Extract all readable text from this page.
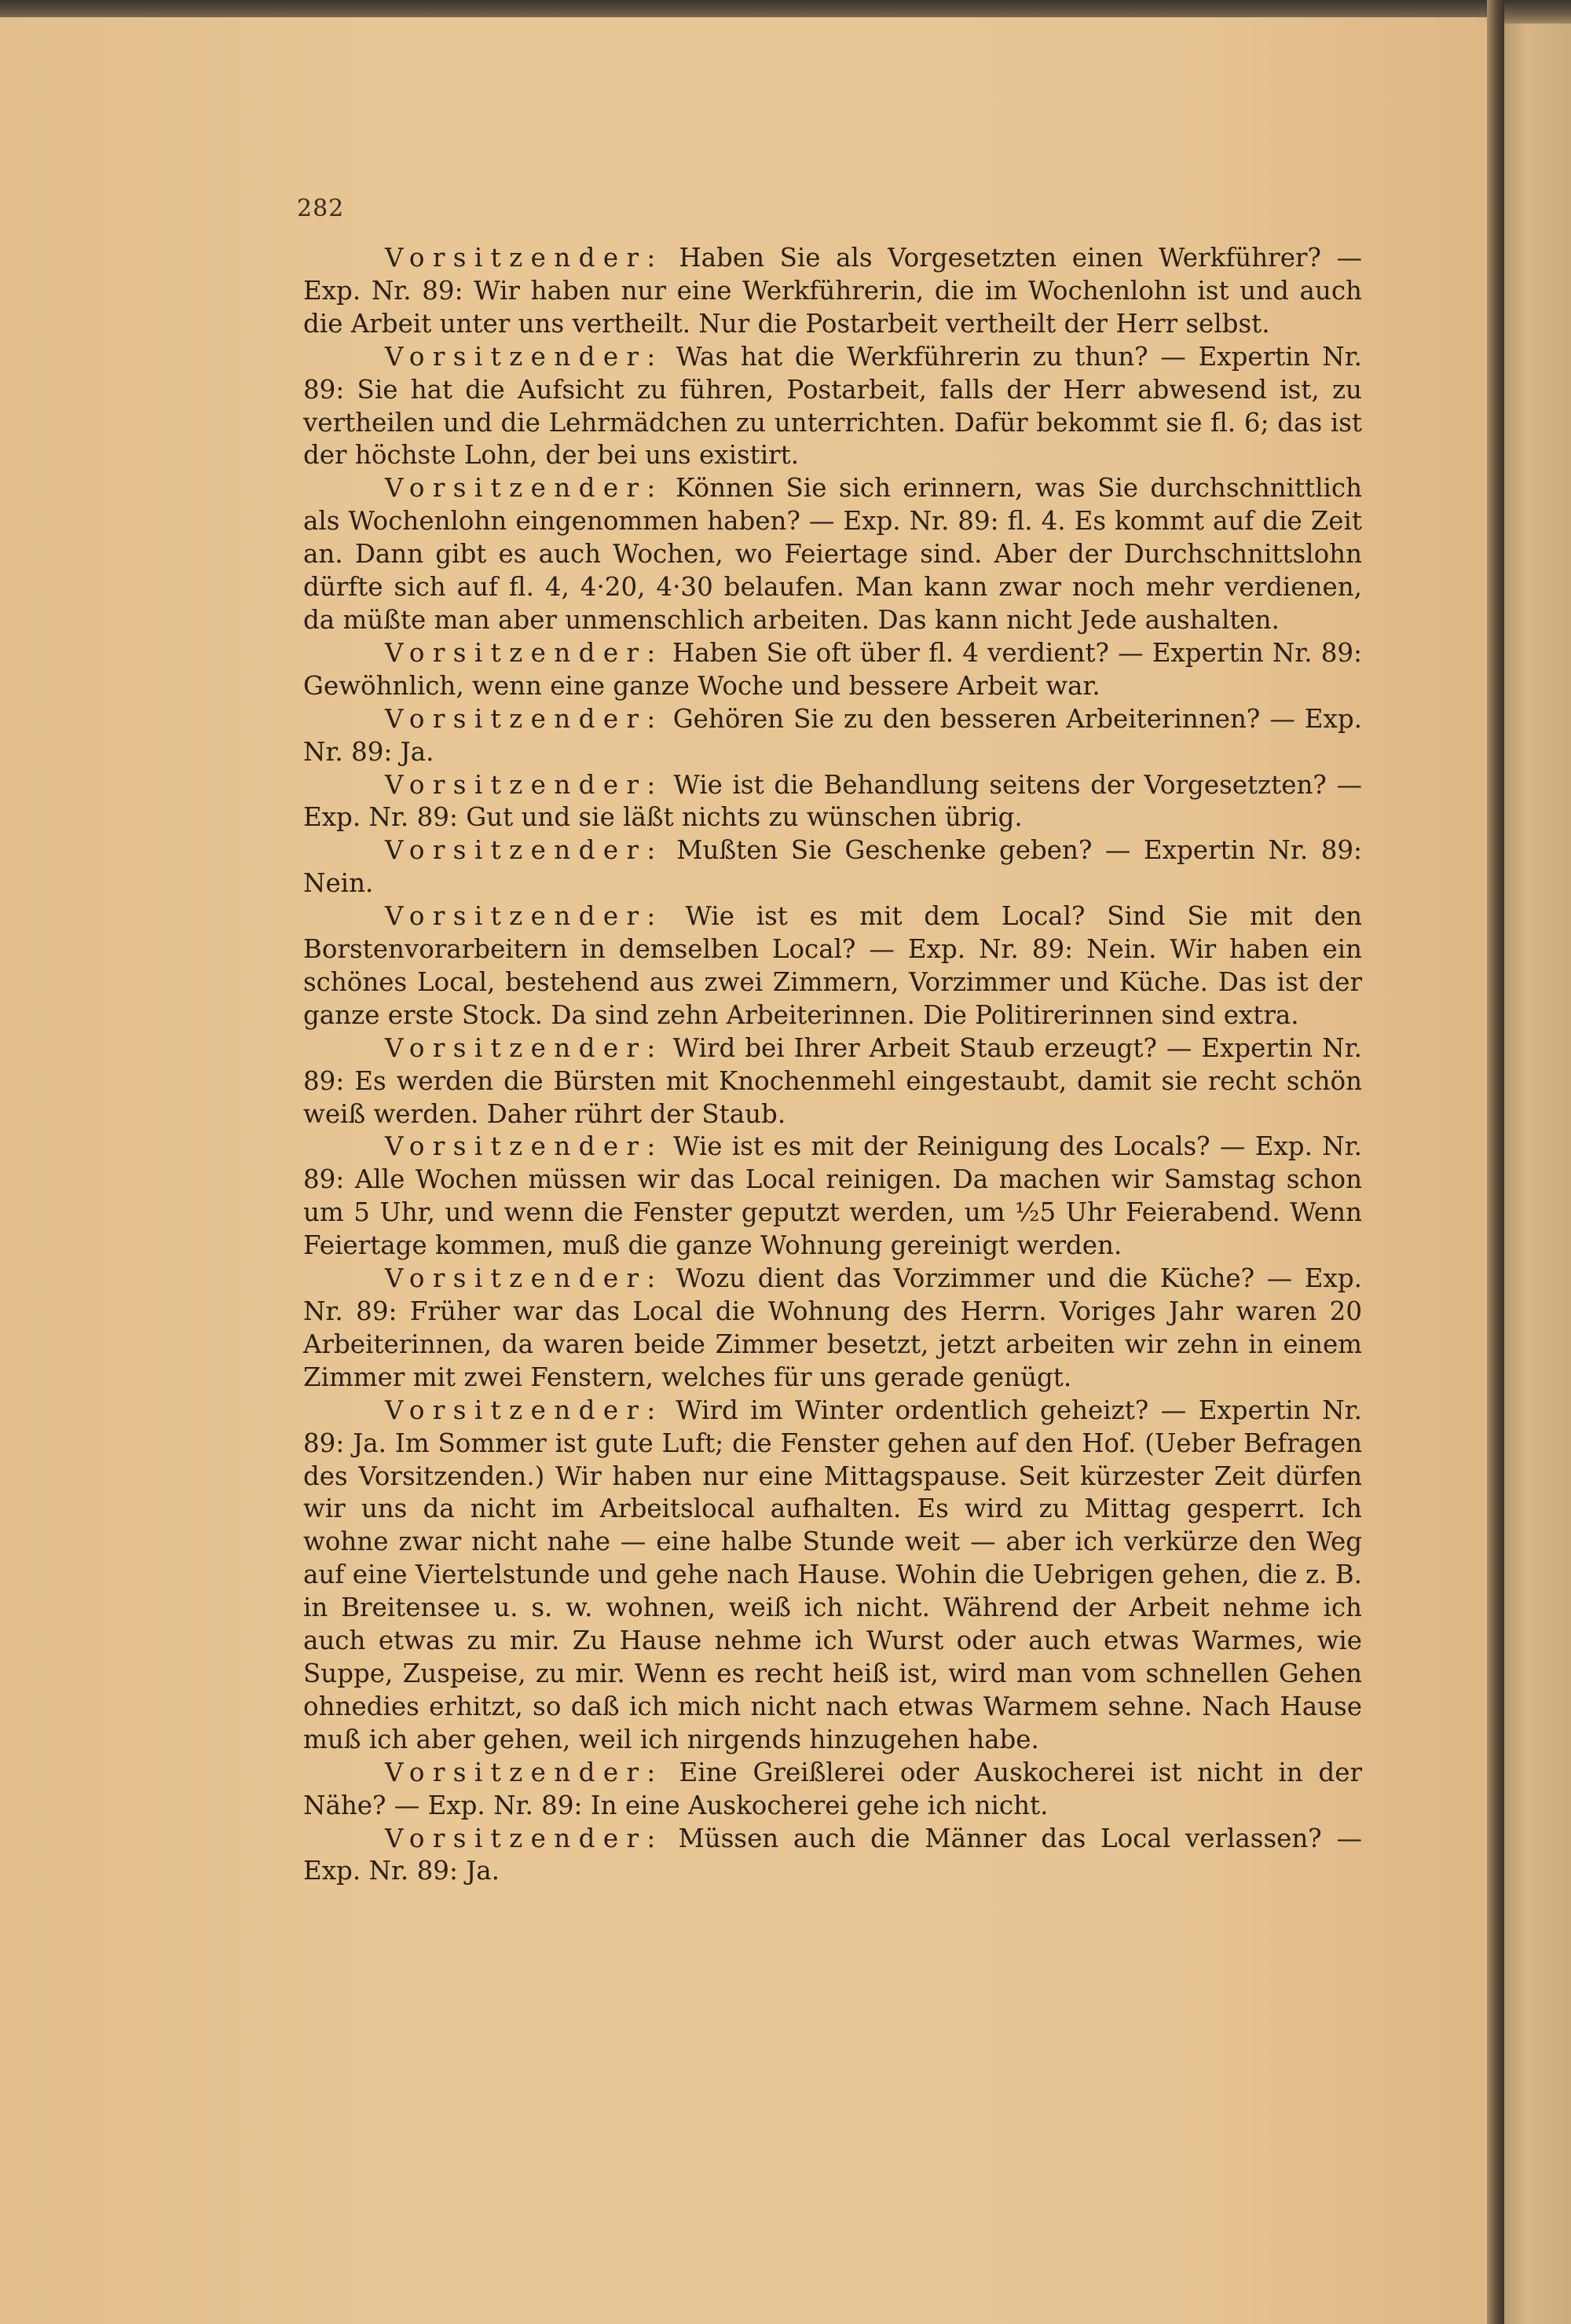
282

Vorsitzender: Haben Sie als Vorgesetzten einen Werkführer? — Exp. Nr. 89: Wir haben nur eine Werkführerin, die im Wochenlohn ist und auch die Arbeit unter uns vertheilt. Nur die Postarbeit vertheilt der Herr selbst.

Vorsitzender: Was hat die Werkführerin zu thun? — Expertin Nr. 89: Sie hat die Aufsicht zu führen, Postarbeit, falls der Herr abwesend ist, zu vertheilen und die Lehrmädchen zu unterrichten. Dafür bekommt sie fl. 6; das ist der höchste Lohn, der bei uns existirt.

Vorsitzender: Können Sie sich erinnern, was Sie durchschnittlich als Wochenlohn eingenommen haben? — Exp. Nr. 89: fl. 4. Es kommt auf die Zeit an. Dann gibt es auch Wochen, wo Feiertage sind. Aber der Durchschnittslohn dürfte sich auf fl. 4, 4·20, 4·30 belaufen. Man kann zwar noch mehr verdienen, da müßte man aber unmenschlich arbeiten. Das kann nicht Jede aushalten.

Vorsitzender: Haben Sie oft über fl. 4 verdient? — Expertin Nr. 89: Gewöhnlich, wenn eine ganze Woche und bessere Arbeit war.

Vorsitzender: Gehören Sie zu den besseren Arbeiterinnen? — Exp. Nr. 89: Ja.

Vorsitzender: Wie ist die Behandlung seitens der Vorgesetzten? — Exp. Nr. 89: Gut und sie läßt nichts zu wünschen übrig.

Vorsitzender: Mußten Sie Geschenke geben? — Expertin Nr. 89: Nein.

Vorsitzender: Wie ist es mit dem Local? Sind Sie mit den Borstenvorarbeitern in demselben Local? — Exp. Nr. 89: Nein. Wir haben ein schönes Local, bestehend aus zwei Zimmern, Vorzimmer und Küche. Das ist der ganze erste Stock. Da sind zehn Arbeiterinnen. Die Politirerinnen sind extra.

Vorsitzender: Wird bei Ihrer Arbeit Staub erzeugt? — Expertin Nr. 89: Es werden die Bürsten mit Knochenmehl eingestaubt, damit sie recht schön weiß werden. Daher rührt der Staub.

Vorsitzender: Wie ist es mit der Reinigung des Locals? — Exp. Nr. 89: Alle Wochen müssen wir das Local reinigen. Da machen wir Samstag schon um 5 Uhr, und wenn die Fenster geputzt werden, um ½5 Uhr Feierabend. Wenn Feiertage kommen, muß die ganze Wohnung gereinigt werden.

Vorsitzender: Wozu dient das Vorzimmer und die Küche? — Exp. Nr. 89: Früher war das Local die Wohnung des Herrn. Voriges Jahr waren 20 Arbeiterinnen, da waren beide Zimmer besetzt, jetzt arbeiten wir zehn in einem Zimmer mit zwei Fenstern, welches für uns gerade genügt.

Vorsitzender: Wird im Winter ordentlich geheizt? — Expertin Nr. 89: Ja. Im Sommer ist gute Luft; die Fenster gehen auf den Hof. (Ueber Befragen des Vorsitzenden.) Wir haben nur eine Mittagspause. Seit kürzester Zeit dürfen wir uns da nicht im Arbeitslocal aufhalten. Es wird zu Mittag gesperrt. Ich wohne zwar nicht nahe — eine halbe Stunde weit — aber ich verkürze den Weg auf eine Viertelstunde und gehe nach Hause. Wohin die Uebrigen gehen, die z. B. in Breitensee u. s. w. wohnen, weiß ich nicht. Während der Arbeit nehme ich auch etwas zu mir. Zu Hause nehme ich Wurst oder auch etwas Warmes, wie Suppe, Zuspeise, zu mir. Wenn es recht heiß ist, wird man vom schnellen Gehen ohnedies erhitzt, so daß ich mich nicht nach etwas Warmem sehne. Nach Hause muß ich aber gehen, weil ich nirgends hinzugehen habe.

Vorsitzender: Eine Greißlerei oder Auskocherei ist nicht in der Nähe? — Exp. Nr. 89: In eine Auskocherei gehe ich nicht.

Vorsitzender: Müssen auch die Männer das Local verlassen? — Exp. Nr. 89: Ja.
